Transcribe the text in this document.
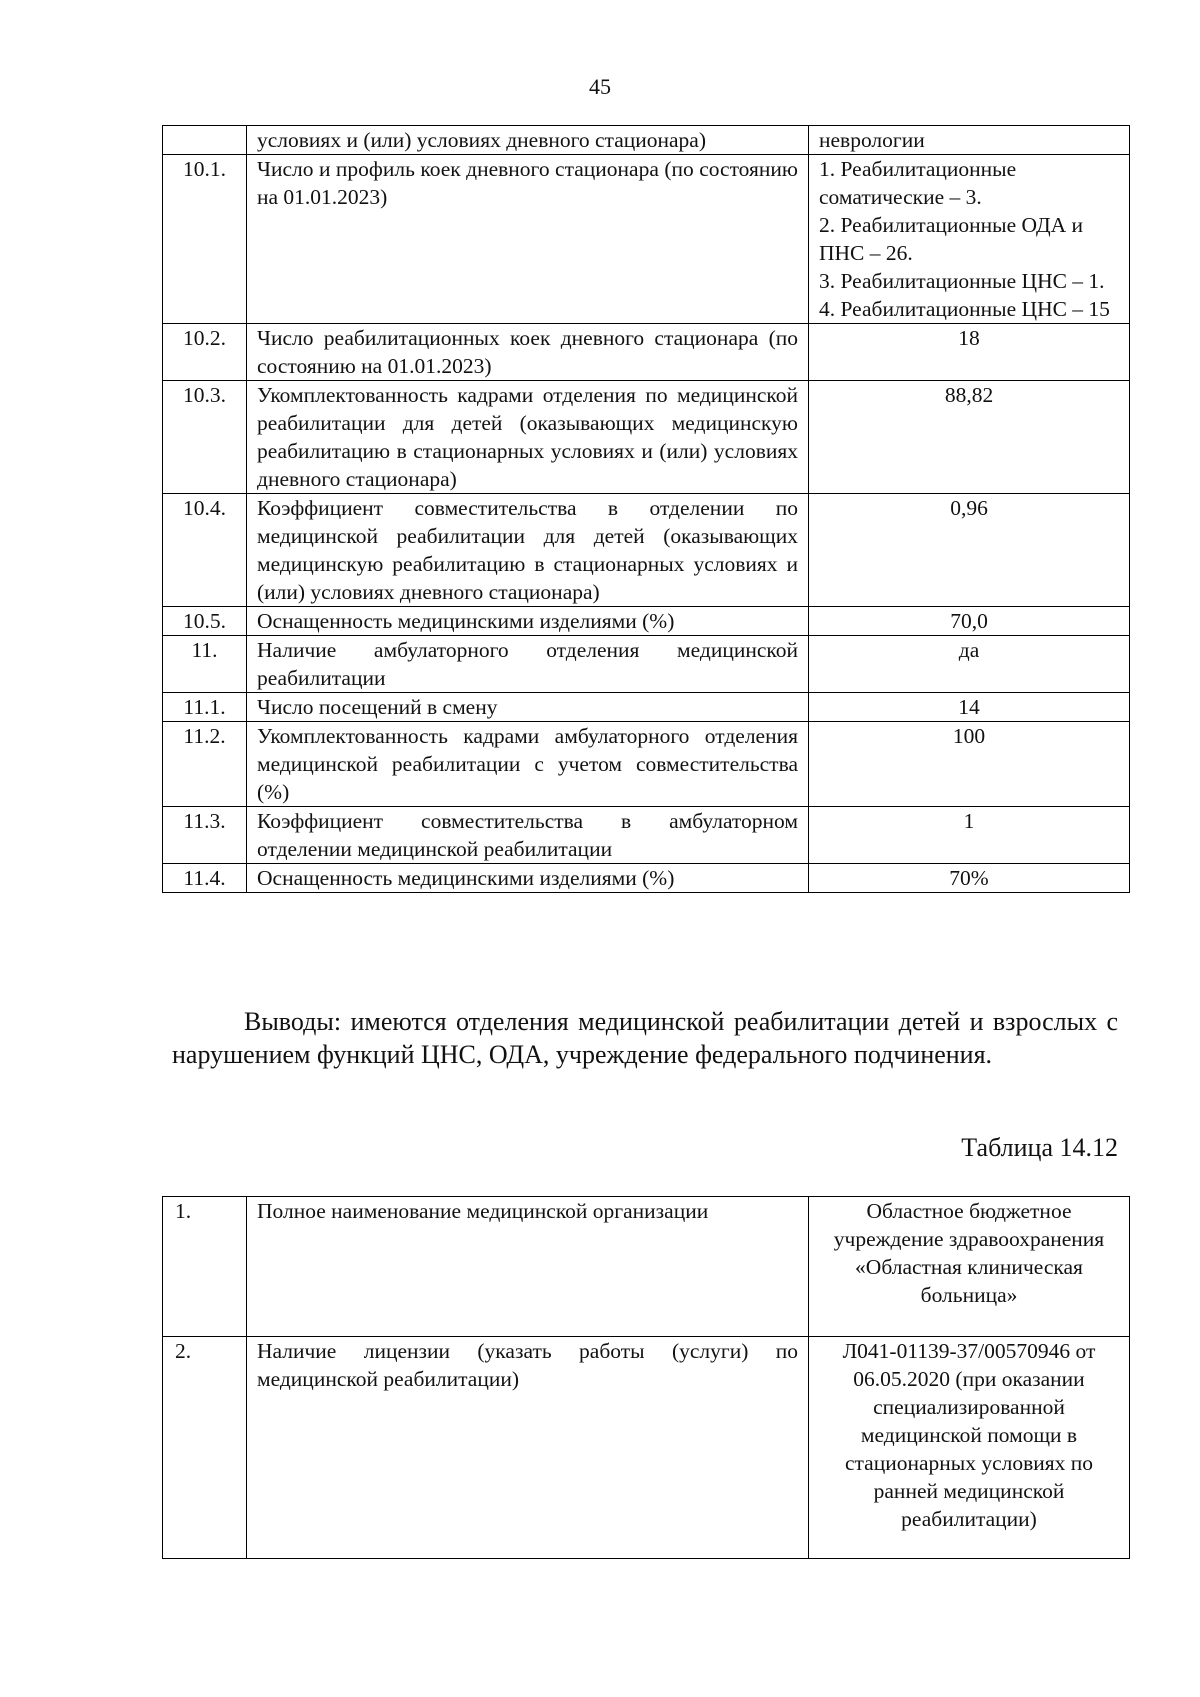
45
	условиях и (или) условиях дневного стационара)	неврологии
10.1.	Число и профиль коек дневного стационара (по состоянию на 01.01.2023)	1. Реабилитационные соматические – 3.
2. Реабилитационные ОДА и ПНС – 26.
3. Реабилитационные ЦНС – 1.
4. Реабилитационные ЦНС – 15
10.2.	Число реабилитационных коек дневного стационара (по состоянию на 01.01.2023)	18
10.3.	Укомплектованность кадрами отделения по медицинской реабилитации для детей (оказывающих медицинскую реабилитацию в стационарных условиях и (или) условиях дневного стационара)	88,82
10.4.	Коэффициент совместительства в отделении по медицинской реабилитации для детей (оказывающих медицинскую реабилитацию в стационарных условиях и (или) условиях дневного стационара)	0,96
10.5.	Оснащенность медицинскими изделиями (%)	70,0
11.	Наличие амбулаторного отделения медицинской реабилитации	да
11.1.	Число посещений в смену	14
11.2.	Укомплектованность кадрами амбулаторного отделения медицинской реабилитации с учетом совместительства (%)	100
11.3.	Коэффициент совместительства в амбулаторном отделении медицинской реабилитации	1
11.4.	Оснащенность медицинскими изделиями (%)	70%

Выводы: имеются отделения медицинской реабилитации детей и взрослых с нарушением функций ЦНС, ОДА, учреждение федерального подчинения.

Таблица 14.12
1.	Полное наименование медицинской организации	Областное бюджетное учреждение здравоохранения «Областная клиническая больница»
2.	Наличие лицензии (указать работы (услуги) по медицинской реабилитации)	Л041-01139-37/00570946 от 06.05.2020 (при оказании специализированной медицинской помощи в стационарных условиях по ранней медицинской реабилитации)
